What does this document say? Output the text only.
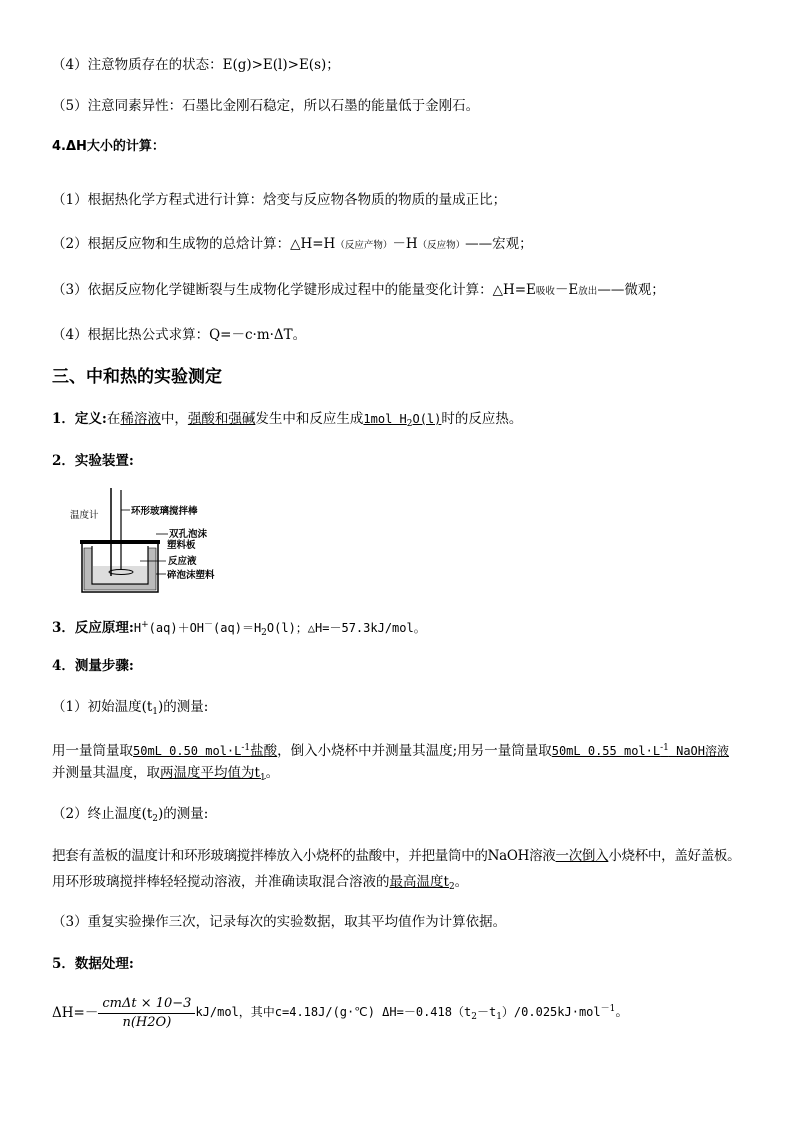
（4）注意物质存在的状态：E(g)>E(l)>E(s)；
（5）注意同素异性：石墨比金刚石稳定，所以石墨的能量低于金刚石。
4.ΔH大小的计算：
（1）根据热化学方程式进行计算：焓变与反应物各物质的物质的量成正比；
（2）根据反应物和生成物的总焓计算：△H=H（反应产物）－H（反应物）——宏观；
（3）依据反应物化学键断裂与生成物化学键形成过程中的能量变化计算：△H=E吸收－E放出——微观；
（4）根据比热公式求算：Q=－c·m·ΔT。
三、中和热的实验测定
1．定义:在稀溶液中，强酸和强碱发生中和反应生成1mol $H_2O(l)$时的反应热。
2．实验装置:
温度计	环形玻璃搅拌棒
双孔泡沫
塑料板
反应液
碎泡沫塑料
3．反应原理$:H^+(aq)+OH^-(aq)=H_2O(l)$；△H=－57.3kJ/mol。
4．测量步骤:
（1）初始温度$(t_1)$的测量:
用一量筒量取50mL 0.50 $mol\cdot L^{-1}$盐酸，倒入小烧杯中并测量其温度;用另一量筒量取50mL 0.55 $mol\cdot L^{-1}$ NaOH溶液
并测量其温度，取两温度平均值为$t_1$。
（2）终止温度$(t_2)$的测量:
把套有盖板的温度计和环形玻璃搅拌棒放入小烧杯的盐酸中，并把量筒中的NaOH溶液一次倒入小烧杯中，盖好盖板。
用环形玻璃搅拌棒轻轻搅动溶液，并准确读取混合溶液的最高温度$t_2$。
（3）重复实验操作三次，记录每次的实验数据，取其平均值作为计算依据。
5．数据处理:
$\Delta H=- \frac{\text{cmΔt × 10−3}}{n(H2O)} kJ/mol$，其中c=4.18J/(g·℃) $\Delta H=-0.418(t_2-t_1)/0.025kJ\cdot mol^{-1}$。
